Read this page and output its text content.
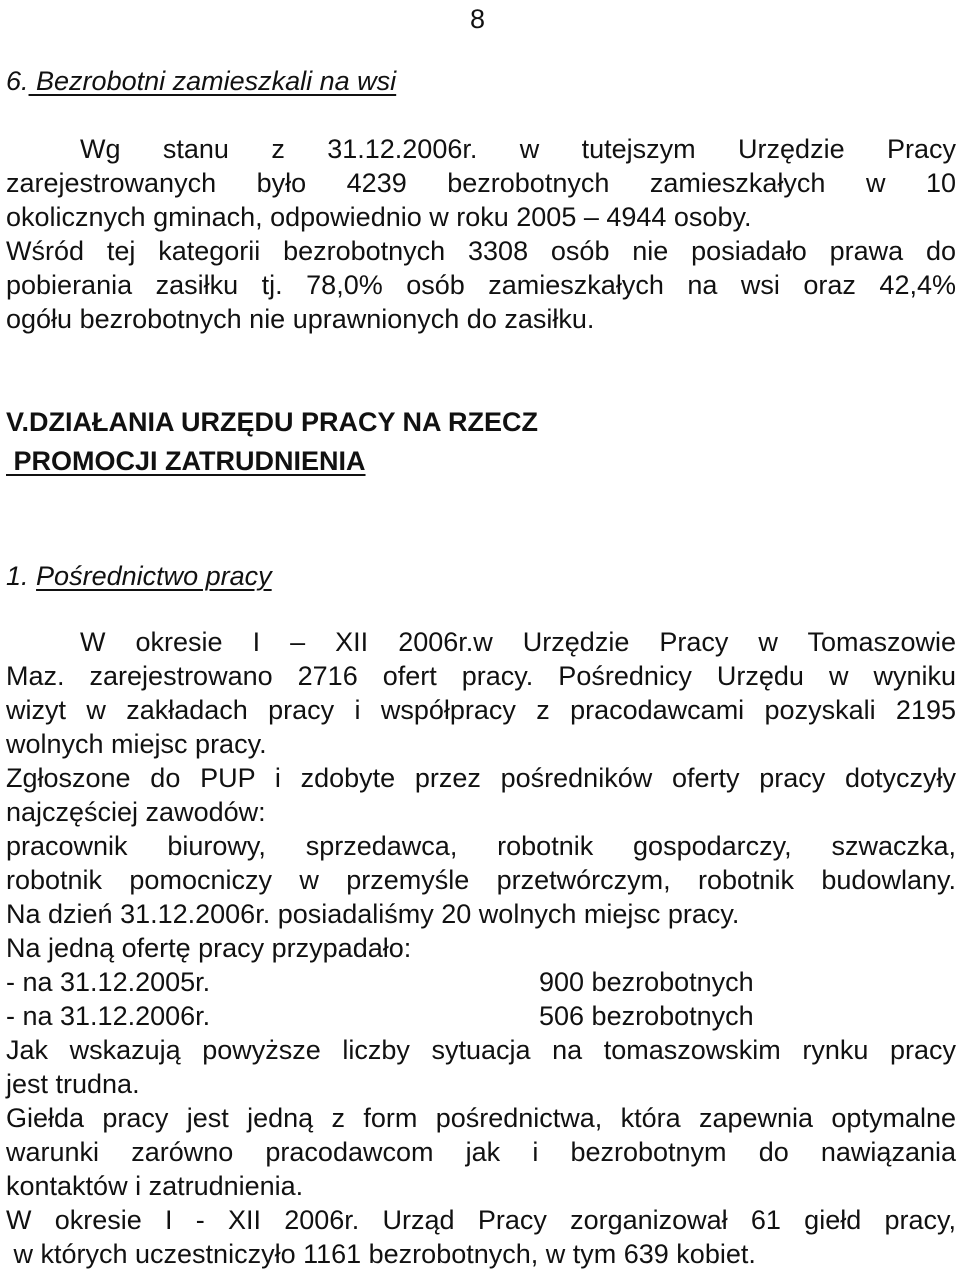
8
6. Bezrobotni zamieszkali na wsi
Wg stanu z 31.12.2006r. w tutejszym Urzędzie Pracy
zarejestrowanych było 4239 bezrobotnych zamieszkałych w 10
okolicznych gminach, odpowiednio w roku 2005 – 4944 osoby.
Wśród tej kategorii bezrobotnych 3308 osób nie posiadało prawa do
pobierania zasiłku tj. 78,0% osób zamieszkałych na wsi oraz 42,4%
ogółu bezrobotnych nie uprawnionych do zasiłku.
V.DZIAŁANIA URZĘDU PRACY NA RZECZ
PROMOCJI ZATRUDNIENIA
1. Pośrednictwo pracy
W okresie I – XII 2006r.w Urzędzie Pracy w Tomaszowie
Maz. zarejestrowano 2716 ofert pracy. Pośrednicy Urzędu w wyniku
wizyt w zakładach pracy i współpracy z pracodawcami pozyskali 2195
wolnych miejsc pracy.
Zgłoszone do PUP i zdobyte przez pośredników oferty pracy dotyczyły
najczęściej zawodów:
pracownik biurowy, sprzedawca, robotnik gospodarczy, szwaczka,
robotnik pomocniczy w przemyśle przetwórczym, robotnik budowlany.
Na dzień 31.12.2006r. posiadaliśmy 20 wolnych miejsc pracy.
Na jedną ofertę pracy przypadało:
- na 31.12.2005r.	900 bezrobotnych
- na 31.12.2006r.	506 bezrobotnych
Jak wskazują powyższe liczby sytuacja na tomaszowskim rynku pracy
jest trudna.
Giełda pracy jest jedną z form pośrednictwa, która zapewnia optymalne
warunki zarówno pracodawcom jak i bezrobotnym do nawiązania
kontaktów i zatrudnienia.
W okresie I - XII 2006r. Urząd Pracy zorganizował 61 giełd pracy,
w których uczestniczyło 1161 bezrobotnych, w tym 639 kobiet.
